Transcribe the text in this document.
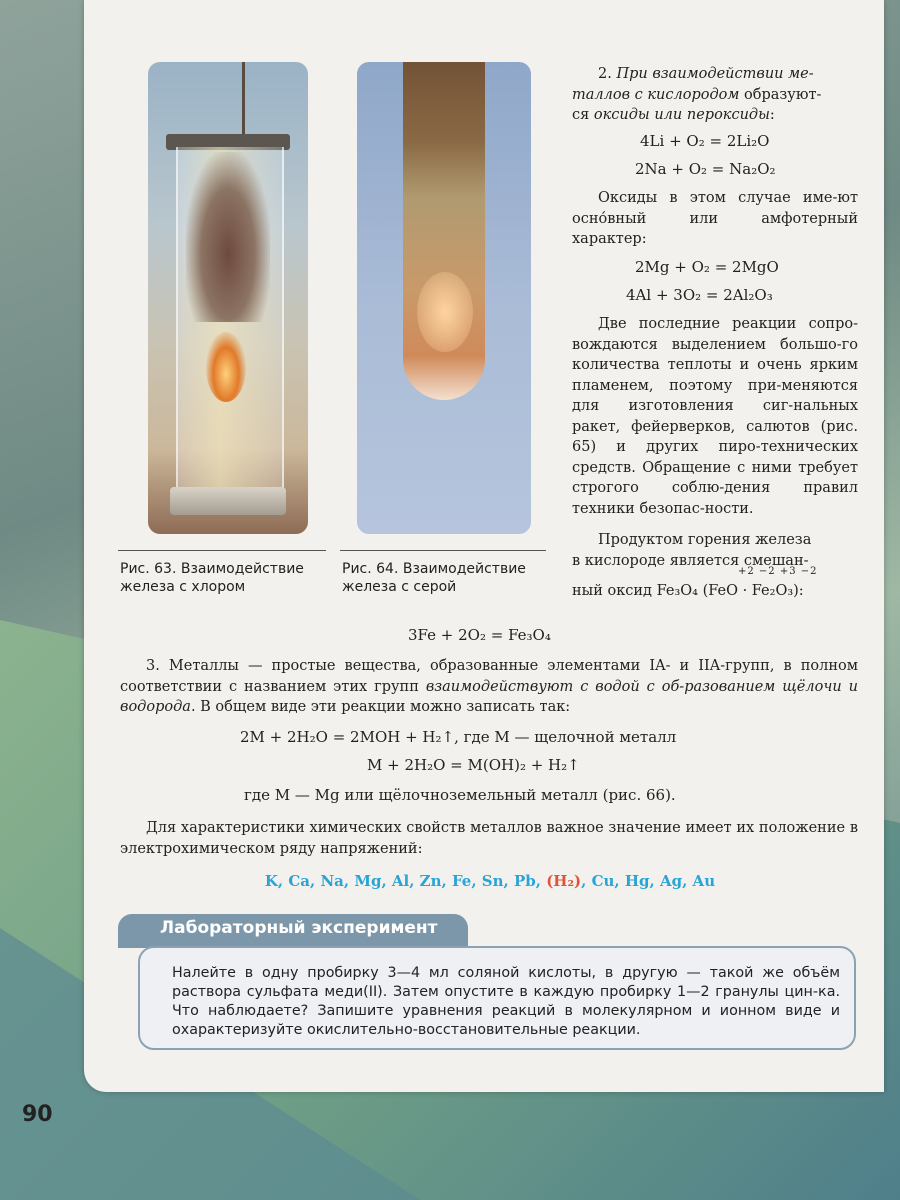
Рис. 63. Взаимодействие
железа с хлором
Рис. 64. Взаимодействие
железа с серой

2. При взаимодействии ме-

таллов с кислородом образуют-

ся оксиды или пероксиды:

4Li + O₂ = 2Li₂O
2Na + O₂ = Na₂O₂
Оксиды в этом случае име-ют осно́вный или амфотерный характер:
2Mg + O₂ = 2MgO
4Al + 3O₂ = 2Al₂O₃
Две последние реакции сопро-вождаются выделением большо-го количества теплоты и очень ярким пламенем, поэтому при-меняются для изготовления сиг-нальных ракет, фейерверков, салютов (рис. 65) и других пиро-технических средств. Обращение с ними требует строгого соблю-дения правил техники безопас-ности.

Продуктом горения железа

в кислороде является смешан-

ный оксид Fe₃O₄ (FeO · Fe₂O₃):

+2 −2 +3 −2
3Fe + 2O₂ = Fe₃O₄
3. Металлы — простые вещества, образованные элементами IA- и IIA-групп, в полном соответствии с названием этих групп взаимодействуют с водой с об-разованием щёлочи и водорода. В общем виде эти реакции можно записать так:
2M + 2H₂O = 2MOH + H₂↑, где M — щелочной металл
M + 2H₂O = M(OH)₂ + H₂↑
где M — Mg или щёлочноземельный металл (рис. 66).
Для характеристики химических свойств металлов важное значение имеет их положение в электрохимическом ряду напряжений:
K, Ca, Na, Mg, Al, Zn, Fe, Sn, Pb, (H₂), Cu, Hg, Ag, Au
Лабораторный эксперимент
Налейте в одну пробирку 3—4 мл соляной кислоты, в другую — такой же объём раствора сульфата меди(II). Затем опустите в каждую пробирку 1—2 гранулы цин-ка. Что наблюдаете? Запишите уравнения реакций в молекулярном и ионном виде и охарактеризуйте окислительно-восстановительные реакции.
90
